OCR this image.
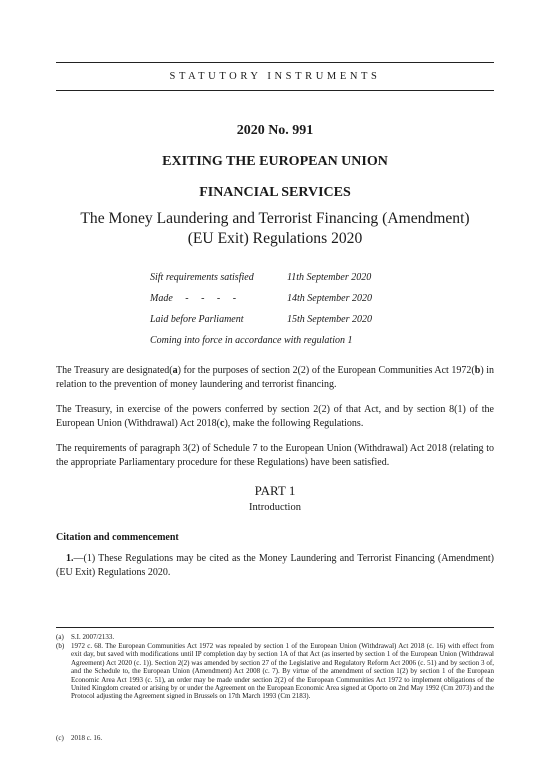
STATUTORY INSTRUMENTS
2020 No. 991
EXITING THE EUROPEAN UNION
FINANCIAL SERVICES
The Money Laundering and Terrorist Financing (Amendment)
(EU Exit) Regulations 2020
Sift requirements satisfied	11th September 2020
Made     -     -     -     -	14th September 2020
Laid before Parliament	15th September 2020
Coming into force in accordance with regulation 1
The Treasury are designated(a) for the purposes of section 2(2) of the European Communities Act 1972(b) in relation to the prevention of money laundering and terrorist financing.
The Treasury, in exercise of the powers conferred by section 2(2) of that Act, and by section 8(1) of the European Union (Withdrawal) Act 2018(c), make the following Regulations.
The requirements of paragraph 3(2) of Schedule 7 to the European Union (Withdrawal) Act 2018 (relating to the appropriate Parliamentary procedure for these Regulations) have been satisfied.
PART 1
Introduction
Citation and commencement
1.—(1) These Regulations may be cited as the Money Laundering and Terrorist Financing (Amendment) (EU Exit) Regulations 2020.
(a) S.I. 2007/2133.
(b) 1972 c. 68. The European Communities Act 1972 was repealed by section 1 of the European Union (Withdrawal) Act 2018 (c. 16) with effect from exit day, but saved with modifications until IP completion day by section 1A of that Act (as inserted by section 1 of the European Union (Withdrawal Agreement) Act 2020 (c. 1)). Section 2(2) was amended by section 27 of the Legislative and Regulatory Reform Act 2006 (c. 51) and by section 3 of, and the Schedule to, the European Union (Amendment) Act 2008 (c. 7). By virtue of the amendment of section 1(2) by section 1 of the European Economic Area Act 1993 (c. 51), an order may be made under section 2(2) of the European Communities Act 1972 to implement obligations of the United Kingdom created or arising by or under the Agreement on the European Economic Area signed at Oporto on 2nd May 1992 (Cm 2073) and the Protocol adjusting the Agreement signed in Brussels on 17th March 1993 (Cm 2183).
(c) 2018 c. 16.
